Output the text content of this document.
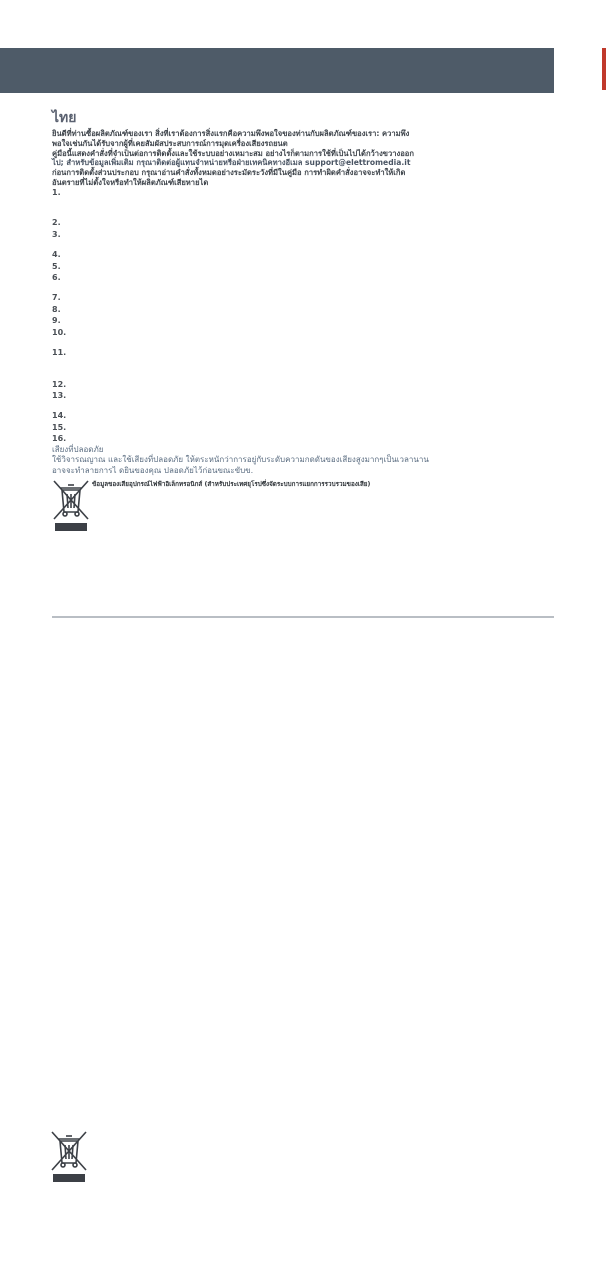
ไทย
ยินดีที่ท่านซื้อผลิตภัณฑ์ของเรา สิ่งที่เราต้องการสิ่งแรกคือความพึงพอใจของท่านกับผลิตภัณฑ์ของเรา: ความพึง
พอใจเช่นกันได้รับจากผู้ที่เคยสัมผัสประสบการณ์การมุดเครื่องเสียงรถยนต
คู่มือนี้แสดงคำสั่งที่จำเป็นต่อการติดตั้งและใช้ระบบอย่างเหมาะสม อย่างไรก็ตามการใช้ที่เป็นไปได้กว้างขวางออก
ไป; สำหรับข้อมูลเพิ่มเติม กรุณาติดต่อผู้แทนจำหน่ายหรือฝ่ายเทคนิคทางอีเมล support@elettromedia.it
ก่อนการติดตั้งส่วนประกอบ กรุณาอ่านคำสั่งทั้งหมดอย่างระมัดระวังที่มีในคู่มือ การทำผิดคำสั่งอาจจะทำให้เกิด
อันตรายที่ไม่ตั้งใจหรือทำให้ผลิตภัณฑ์เสียหายได
1.
2.
3.
4.
5.
6.
7.
8.
9.
10.
11.
12.
13.
14.
15.
16.
เสียงที่ปลอดภัย
ใช้วิจารณญาณ และใช้เสียงที่ปลอดภัย ให้ตระหนักว่าการอยู่กับระดับความกดดันของเสียงสูงมากๆเป็นเวลานาน
อาจจะทำลายการไ ดยินของคุณ ปลอดภัยไว้ก่อนขณะขับข.
ข้อมูลของเสียอุปกรณ์ไฟฟ้าอิเล็กทรอนิกส์ (สำหรับประเทศยุโรปซึ่งจัดระบบการแยกการรวบรวมของเสีย)
